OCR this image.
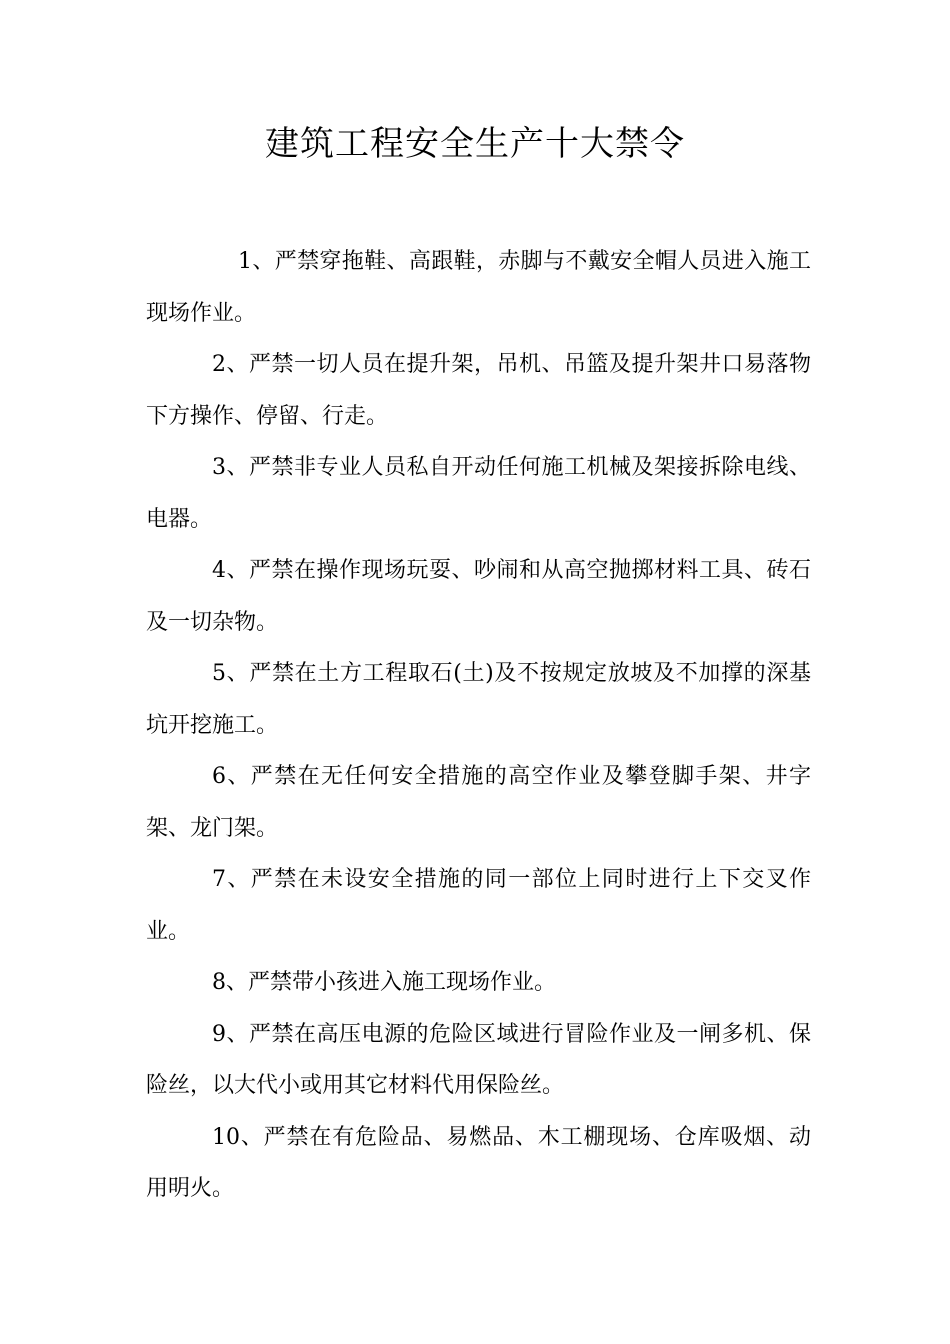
建筑工程安全生产十大禁令

1、严禁穿拖鞋、高跟鞋，赤脚与不戴安全帽人员进入施工现场作业。

2、严禁一切人员在提升架，吊机、吊篮及提升架井口易落物下方操作、停留、行走。

3、严禁非专业人员私自开动任何施工机械及架接拆除电线、电器。

4、严禁在操作现场玩耍、吵闹和从高空抛掷材料工具、砖石及一切杂物。

5、严禁在土方工程取石(土)及不按规定放坡及不加撑的深基坑开挖施工。

6、严禁在无任何安全措施的高空作业及攀登脚手架、井字架、龙门架。

7、严禁在未设安全措施的同一部位上同时进行上下交叉作业。

8、严禁带小孩进入施工现场作业。

9、严禁在高压电源的危险区域进行冒险作业及一闸多机、保险丝，以大代小或用其它材料代用保险丝。

10、严禁在有危险品、易燃品、木工棚现场、仓库吸烟、动用明火。
